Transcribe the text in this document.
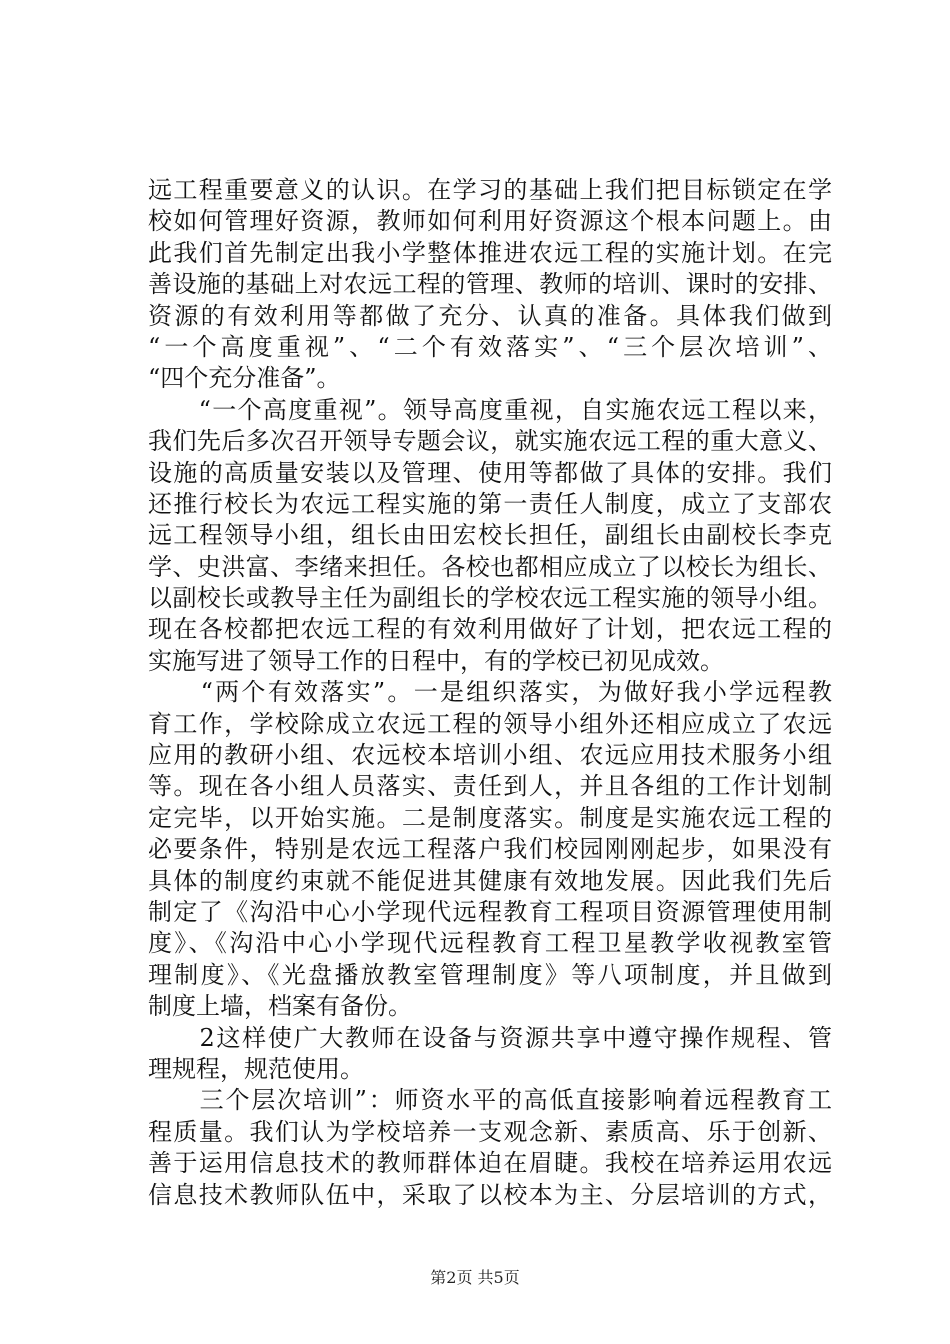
远工程重要意义的认识。在学习的基础上我们把目标锁定在学
校如何管理好资源，教师如何利用好资源这个根本问题上。由
此我们首先制定出我小学整体推进农远工程的实施计划。在完
善设施的基础上对农远工程的管理、教师的培训、课时的安排、
资源的有效利用等都做了充分、认真的准备。具体我们做到
“一个高度重视”、“二个有效落实”、“三个层次培训”、
“四个充分准备”。
　　“一个高度重视”。领导高度重视，自实施农远工程以来，
我们先后多次召开领导专题会议，就实施农远工程的重大意义、
设施的高质量安装以及管理、使用等都做了具体的安排。我们
还推行校长为农远工程实施的第一责任人制度，成立了支部农
远工程领导小组，组长由田宏校长担任，副组长由副校长李克
学、史洪富、李绪来担任。各校也都相应成立了以校长为组长、
以副校长或教导主任为副组长的学校农远工程实施的领导小组。
现在各校都把农远工程的有效利用做好了计划，把农远工程的
实施写进了领导工作的日程中，有的学校已初见成效。
　　“两个有效落实”。一是组织落实，为做好我小学远程教
育工作，学校除成立农远工程的领导小组外还相应成立了农远
应用的教研小组、农远校本培训小组、农远应用技术服务小组
等。现在各小组人员落实、责任到人，并且各组的工作计划制
定完毕，以开始实施。二是制度落实。制度是实施农远工程的
必要条件，特别是农远工程落户我们校园刚刚起步，如果没有
具体的制度约束就不能促进其健康有效地发展。因此我们先后
制定了《沟沿中心小学现代远程教育工程项目资源管理使用制
度》、《沟沿中心小学现代远程教育工程卫星教学收视教室管
理制度》、《光盘播放教室管理制度》等八项制度，并且做到
制度上墙，档案有备份。
　　2这样使广大教师在设备与资源共享中遵守操作规程、管
理规程，规范使用。
　　三个层次培训”：师资水平的高低直接影响着远程教育工
程质量。我们认为学校培养一支观念新、素质高、乐于创新、
善于运用信息技术的教师群体迫在眉睫。我校在培养运用农远
信息技术教师队伍中，采取了以校本为主、分层培训的方式，
第2页 共5页
